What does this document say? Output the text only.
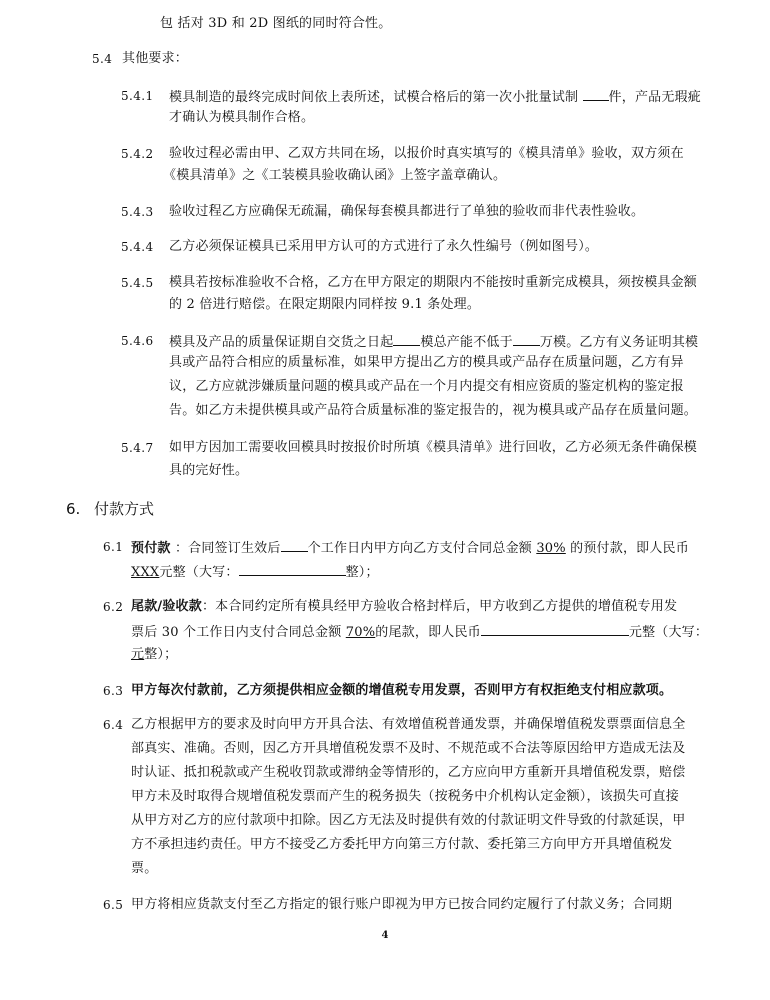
包 括对 3D 和 2D 图纸的同时符合性。
5.4 其他要求：
5.4.1 模具制造的最终完成时间依上表所述，试模合格后的第一次小批量试制 件，产品无瑕疵
才确认为模具制作合格。
5.4.2 验收过程必需由甲、乙双方共同在场，以报价时真实填写的《模具清单》验收，双方须在
《模具清单》之《工装模具验收确认函》上签字盖章确认。
5.4.3 验收过程乙方应确保无疏漏，确保每套模具都进行了单独的验收而非代表性验收。
5.4.4 乙方必须保证模具已采用甲方认可的方式进行了永久性编号（例如图号）。
5.4.5 模具若按标准验收不合格，乙方在甲方限定的期限内不能按时重新完成模具，须按模具金额
的 2 倍进行赔偿。在限定期限内同样按 9.1 条处理。
5.4.6 模具及产品的质量保证期自交货之日起 模总产能不低于 万模。乙方有义务证明其模
具或产品符合相应的质量标准，如果甲方提出乙方的模具或产品存在质量问题，乙方有异
议，乙方应就涉嫌质量问题的模具或产品在一个月内提交有相应资质的鉴定机构的鉴定报
告。如乙方未提供模具或产品符合质量标准的鉴定报告的，视为模具或产品存在质量问题。
5.4.7 如甲方因加工需要收回模具时按报价时所填《模具清单》进行回收，乙方必须无条件确保模
具的完好性。
6. 付款方式
6.1 预付款 ：合同签订生效后 个工作日内甲方向乙方支付合同总金额 30% 的预付款，即人民币
XXX元整（大写：	整）；
6.2 尾款/验收款：本合同约定所有模具经甲方验收合格封样后，甲方收到乙方提供的增值税专用发
票后 30 个工作日内支付合同总金额 70%的尾款，即人民币	元整（大写：
元整）；
6.3 甲方每次付款前，乙方须提供相应金额的增值税专用发票，否则甲方有权拒绝支付相应款项。
6.4 乙方根据甲方的要求及时向甲方开具合法、有效增值税普通发票，并确保增值税发票票面信息全
部真实、准确。否则，因乙方开具增值税发票不及时、不规范或不合法等原因给甲方造成无法及
时认证、抵扣税款或产生税收罚款或滞纳金等情形的，乙方应向甲方重新开具增值税发票，赔偿
甲方未及时取得合规增值税发票而产生的税务损失（按税务中介机构认定金额），该损失可直接
从甲方对乙方的应付款项中扣除。因乙方无法及时提供有效的付款证明文件导致的付款延误，甲
方不承担违约责任。甲方不接受乙方委托甲方向第三方付款、委托第三方向甲方开具增值税发
票。
6.5 甲方将相应货款支付至乙方指定的银行账户即视为甲方已按合同约定履行了付款义务；合同期
4
